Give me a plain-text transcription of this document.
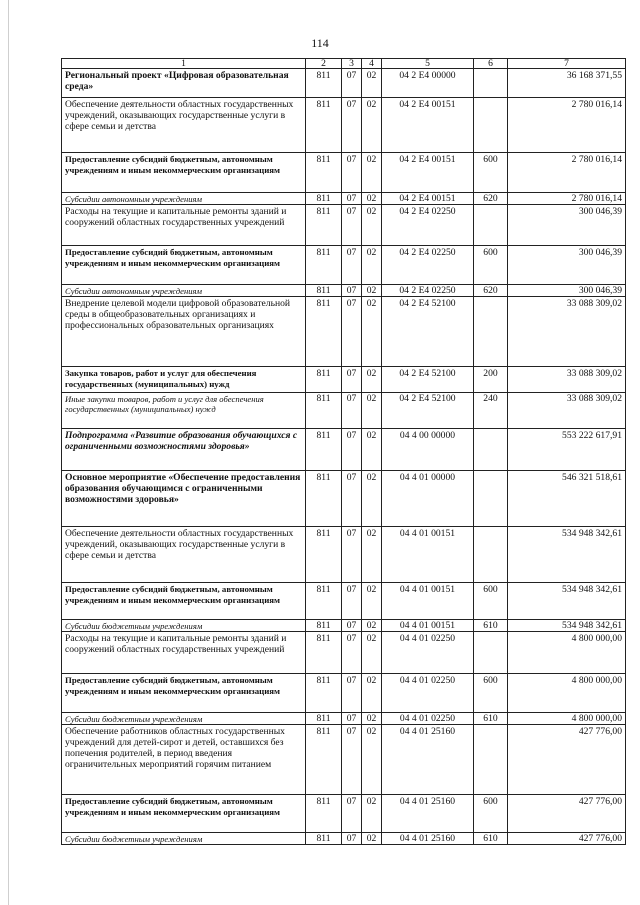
114
1	2	3	4	5	6	7
Региональный проект «Цифровая образовательная среда»	811	07	02	04 2 E4 00000		36 168 371,55
Обеспечение деятельности областных государственных учреждений, оказывающих государственные услуги в сфере семьи и детства	811	07	02	04 2 E4 00151		2 780 016,14
Предоставление субсидий бюджетным, автономным учреждениям и иным некоммерческим организациям	811	07	02	04 2 E4 00151	600	2 780 016,14
Субсидии автономным учреждениям	811	07	02	04 2 E4 00151	620	2 780 016,14
Расходы на текущие и капитальные ремонты зданий и сооружений областных государственных учреждений	811	07	02	04 2 E4 02250		300 046,39
Предоставление субсидий бюджетным, автономным учреждениям и иным некоммерческим организациям	811	07	02	04 2 E4 02250	600	300 046,39
Субсидии автономным учреждениям	811	07	02	04 2 E4 02250	620	300 046,39
Внедрение целевой модели цифровой образовательной среды в общеобразовательных организациях и профессиональных образовательных организациях	811	07	02	04 2 E4 52100		33 088 309,02
Закупка товаров, работ и услуг для обеспечения государственных (муниципальных) нужд	811	07	02	04 2 E4 52100	200	33 088 309,02
Иные закупки товаров, работ и услуг для обеспечения государственных (муниципальных) нужд	811	07	02	04 2 E4 52100	240	33 088 309,02
Подпрограмма «Развитие образования обучающихся с ограниченными возможностями здоровья»	811	07	02	04 4 00 00000		553 222 617,91
Основное мероприятие «Обеспечение предоставления образования обучающимся с ограниченными возможностями здоровья»	811	07	02	04 4 01 00000		546 321 518,61
Обеспечение деятельности областных государственных учреждений, оказывающих государственные услуги в сфере семьи и детства	811	07	02	04 4 01 00151		534 948 342,61
Предоставление субсидий бюджетным, автономным учреждениям и иным некоммерческим организациям	811	07	02	04 4 01 00151	600	534 948 342,61
Субсидии бюджетным учреждениям	811	07	02	04 4 01 00151	610	534 948 342,61
Расходы на текущие и капитальные ремонты зданий и сооружений областных государственных учреждений	811	07	02	04 4 01 02250		4 800 000,00
Предоставление субсидий бюджетным, автономным учреждениям и иным некоммерческим организациям	811	07	02	04 4 01 02250	600	4 800 000,00
Субсидии бюджетным учреждениям	811	07	02	04 4 01 02250	610	4 800 000,00
Обеспечение работников областных государственных учреждений для детей-сирот и детей, оставшихся без попечения родителей, в период введения ограничительных мероприятий горячим питанием	811	07	02	04 4 01 25160		427 776,00
Предоставление субсидий бюджетным, автономным учреждениям и иным некоммерческим организациям	811	07	02	04 4 01 25160	600	427 776,00
Субсидии бюджетным учреждениям	811	07	02	04 4 01 25160	610	427 776,00
